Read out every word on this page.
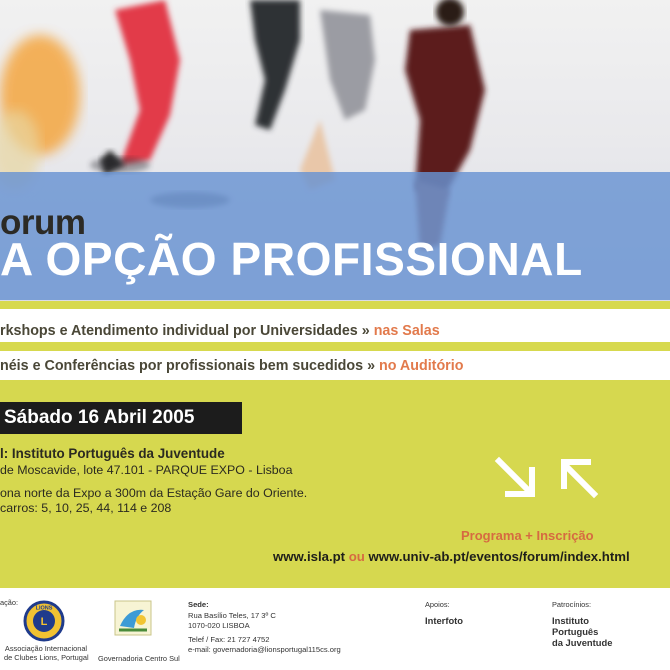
orum
A OPÇÃO PROFISSIONAL
rkshops e Atendimento individual por Universidades » nas Salas
néis e Conferências por profissionais bem sucedidos » no Auditório
Sábado 16 Abril 2005
l: Instituto Português da Juventude
de Moscavide, lote 47.101 - PARQUE EXPO - Lisboa
ona norte da Expo a 300m da Estação Gare do Oriente.
carros: 5, 10, 25, 44, 114 e 208
Programa + Inscrição
www.isla.pt ou www.univ-ab.pt/eventos/forum/index.html
ação:
LIONS
L
Associação Internacional
de Clubes Lions, Portugal Governadoria Centro Sul
Sede:
Rua Basílio Teles, 17 3º C
1070-020 LISBOA
Telef / Fax: 21 727 4752
e-mail: governadoria@lionsportugal115cs.org
Apoios:
Interfoto
Patrocínios:
Instituto
Português
da Juventude
